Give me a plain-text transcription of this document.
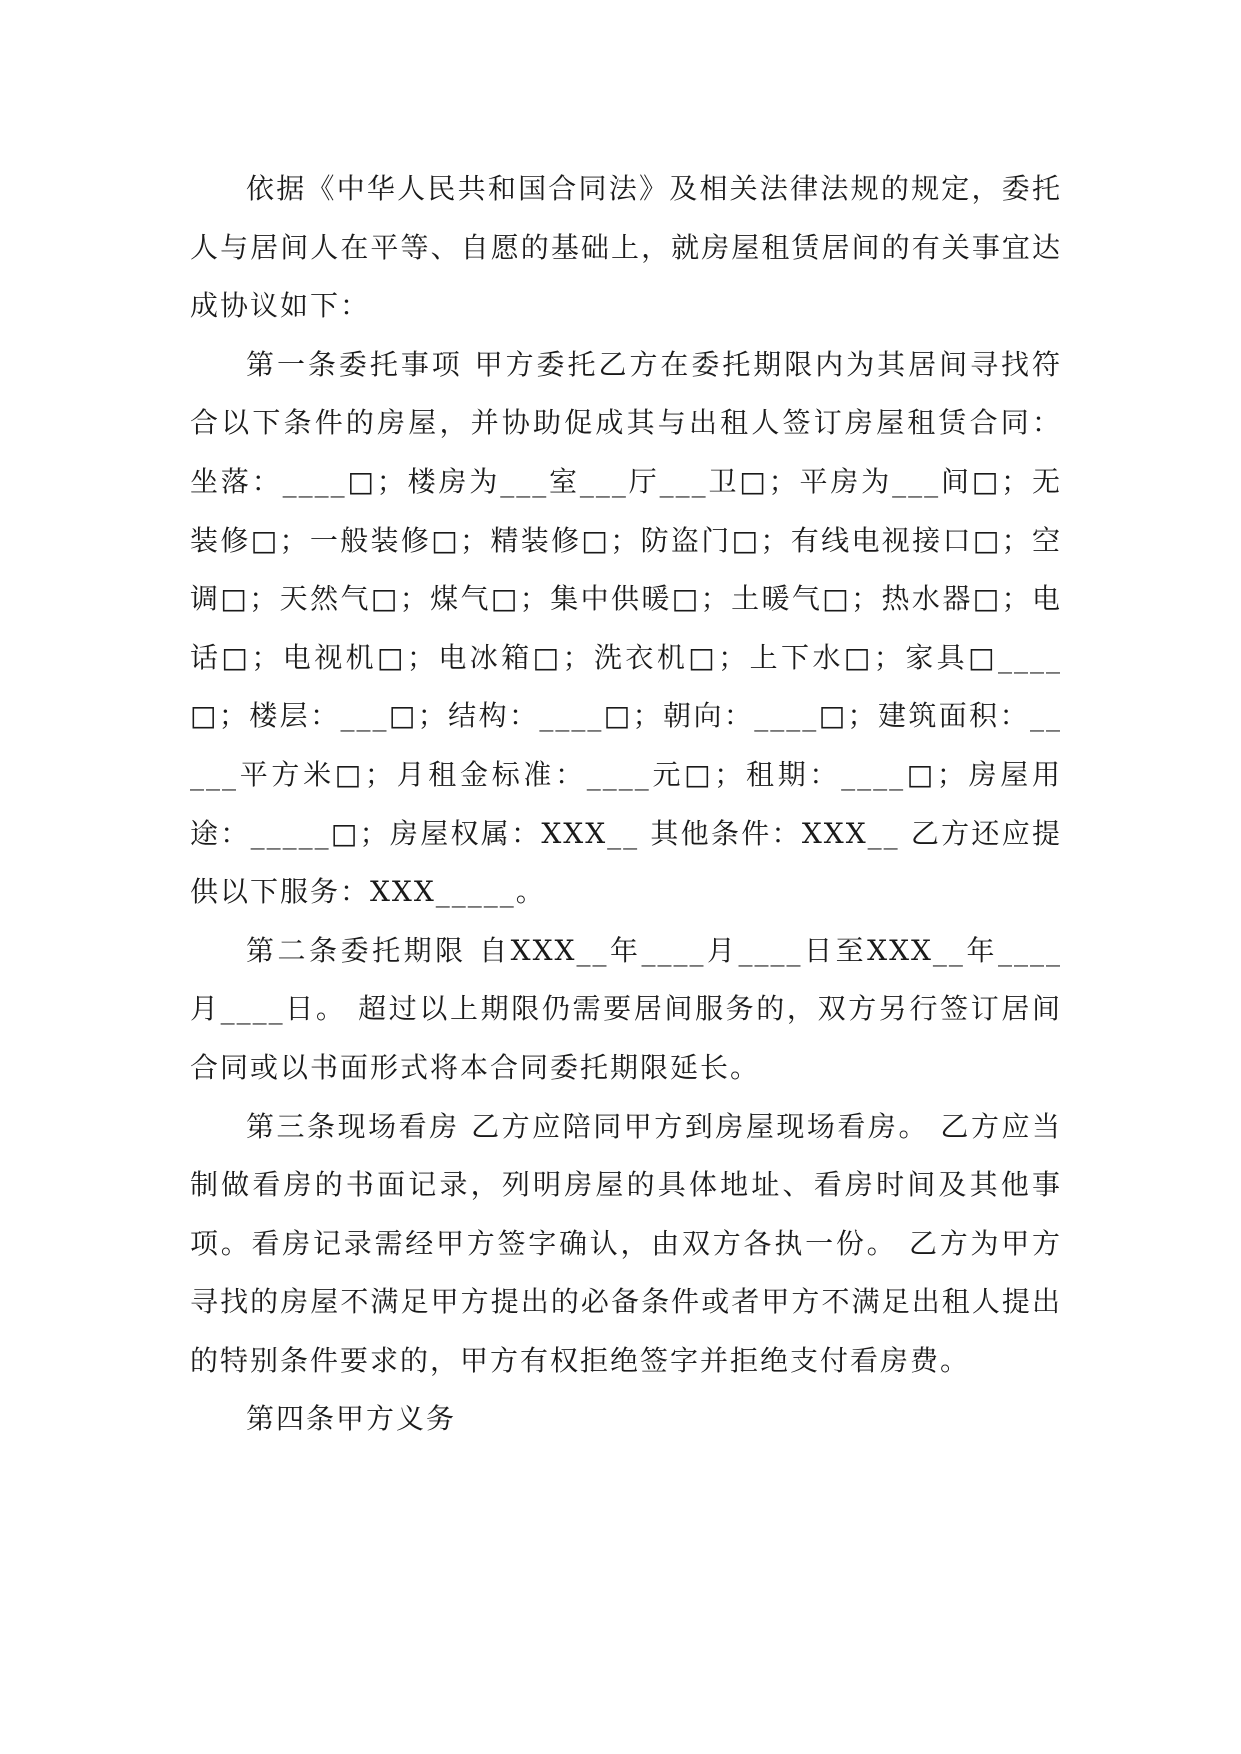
依据《中华人民共和国合同法》及相关法律法规的规定，委托人与居间人在平等、自愿的基础上，就房屋租赁居间的有关事宜达成协议如下：

第一条委托事项 甲方委托乙方在委托期限内为其居间寻找符合以下条件的房屋，并协助促成其与出租人签订房屋租赁合同： 坐落：____□；楼房为___室___厅___卫□；平房为___间□；无装修□；一般装修□；精装修□；防盗门□；有线电视接口□；空调□；天然气□；煤气□；集中供暖□；土暖气□；热水器□；电话□；电视机□；电冰箱□；洗衣机□；上下水□；家具□____□；楼层：___□；结构：____□；朝向：____□；建筑面积：_____平方米□；月租金标准：____元□；租期：____□；房屋用途：_____□；房屋权属：XXX__ 其他条件：XXX__ 乙方还应提供以下服务：XXX_____。

第二条委托期限 自XXX__年____月____日至XXX__年____月____日。 超过以上期限仍需要居间服务的，双方另行签订居间合同或以书面形式将本合同委托期限延长。

第三条现场看房 乙方应陪同甲方到房屋现场看房。 乙方应当制做看房的书面记录，列明房屋的具体地址、看房时间及其他事项。看房记录需经甲方签字确认，由双方各执一份。 乙方为甲方寻找的房屋不满足甲方提出的必备条件或者甲方不满足出租人提出的特别条件要求的，甲方有权拒绝签字并拒绝支付看房费。

第四条甲方义务
